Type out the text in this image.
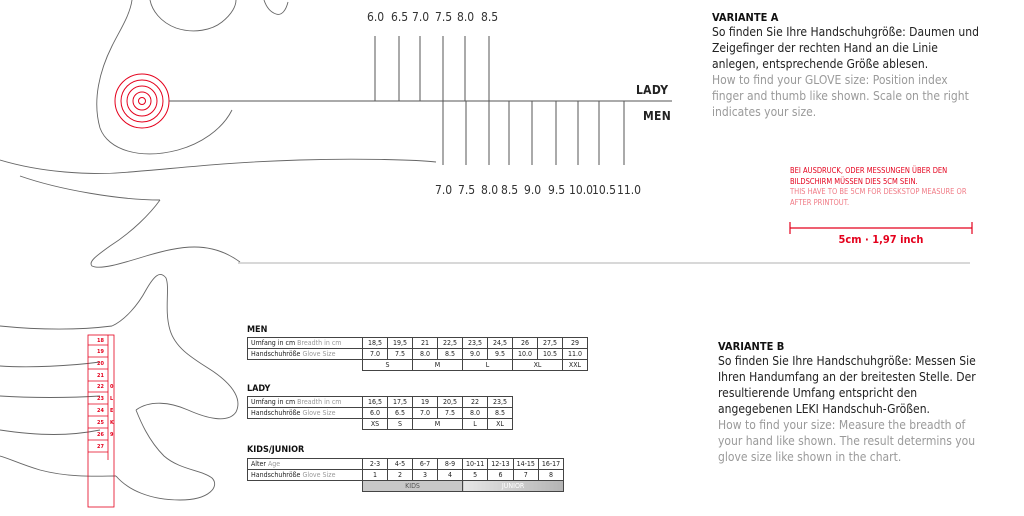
6.0 6.5 7.0 7.5 8.0 8.5
7.0 7.5 8.0 8.5 9.0 9.5 10.0
10.5 11.0
LADY
MEN
VARIANTE A
So finden Sie Ihre Handschuhgröße: Daumen und Zeigefinger der rechten Hand an die Linie anlegen, entsprechende Größe ablesen.
How to find your GLOVE size: Position index finger and thumb like shown. Scale on the right indicates your size.
BEI AUSDRUCK, ODER MESSUNGEN ÜBER DEN BILDSCHIRM MÜSSEN DIES 5CM SEIN.
THIS HAVE TO BE 5CM FOR DESKSTOP MEASURE OR AFTER PRINTOUT.
5cm · 1,97 inch
VARIANTE B
So finden Sie Ihre Handschuhgröße: Messen Sie Ihren Handumfang an der breitesten Stelle. Der resultierende Umfang entspricht den angegebenen LEKI Handschuh-Größen.
How to find your size: Measure the breadth of your hand like shown. The result determins you glove size like shown in the chart.
MEN
Umfang in cm Breadth in cm	18,5	19,5	21	22,5	23,5	24,5	26	27,5	29
Handschuhröße Glove Size	7.0	7.5	8.0	8.5	9.0	9.5	10.0	10.5	11.0
	S		M		L		XL		XXL
LADY
Umfang in cm Breadth in cm	16,5	17,5	19	20,5	22	23,5
Handschuhröße Glove Size	6.0	6.5	7.0	7.5	8.0	8.5
	XS	S	M		L	XL
KIDS/JUNIOR
Alter Age	2-3	4-5	6-7	8-9	10-11	12-13	14-15	16-17
Handschuhröße Glove Size	1	2	3	4	5	6	7	8
	KIDS				JUNIOR			
18
19
20
21
22
23
24
25
26
27
0
L
E
K
9
